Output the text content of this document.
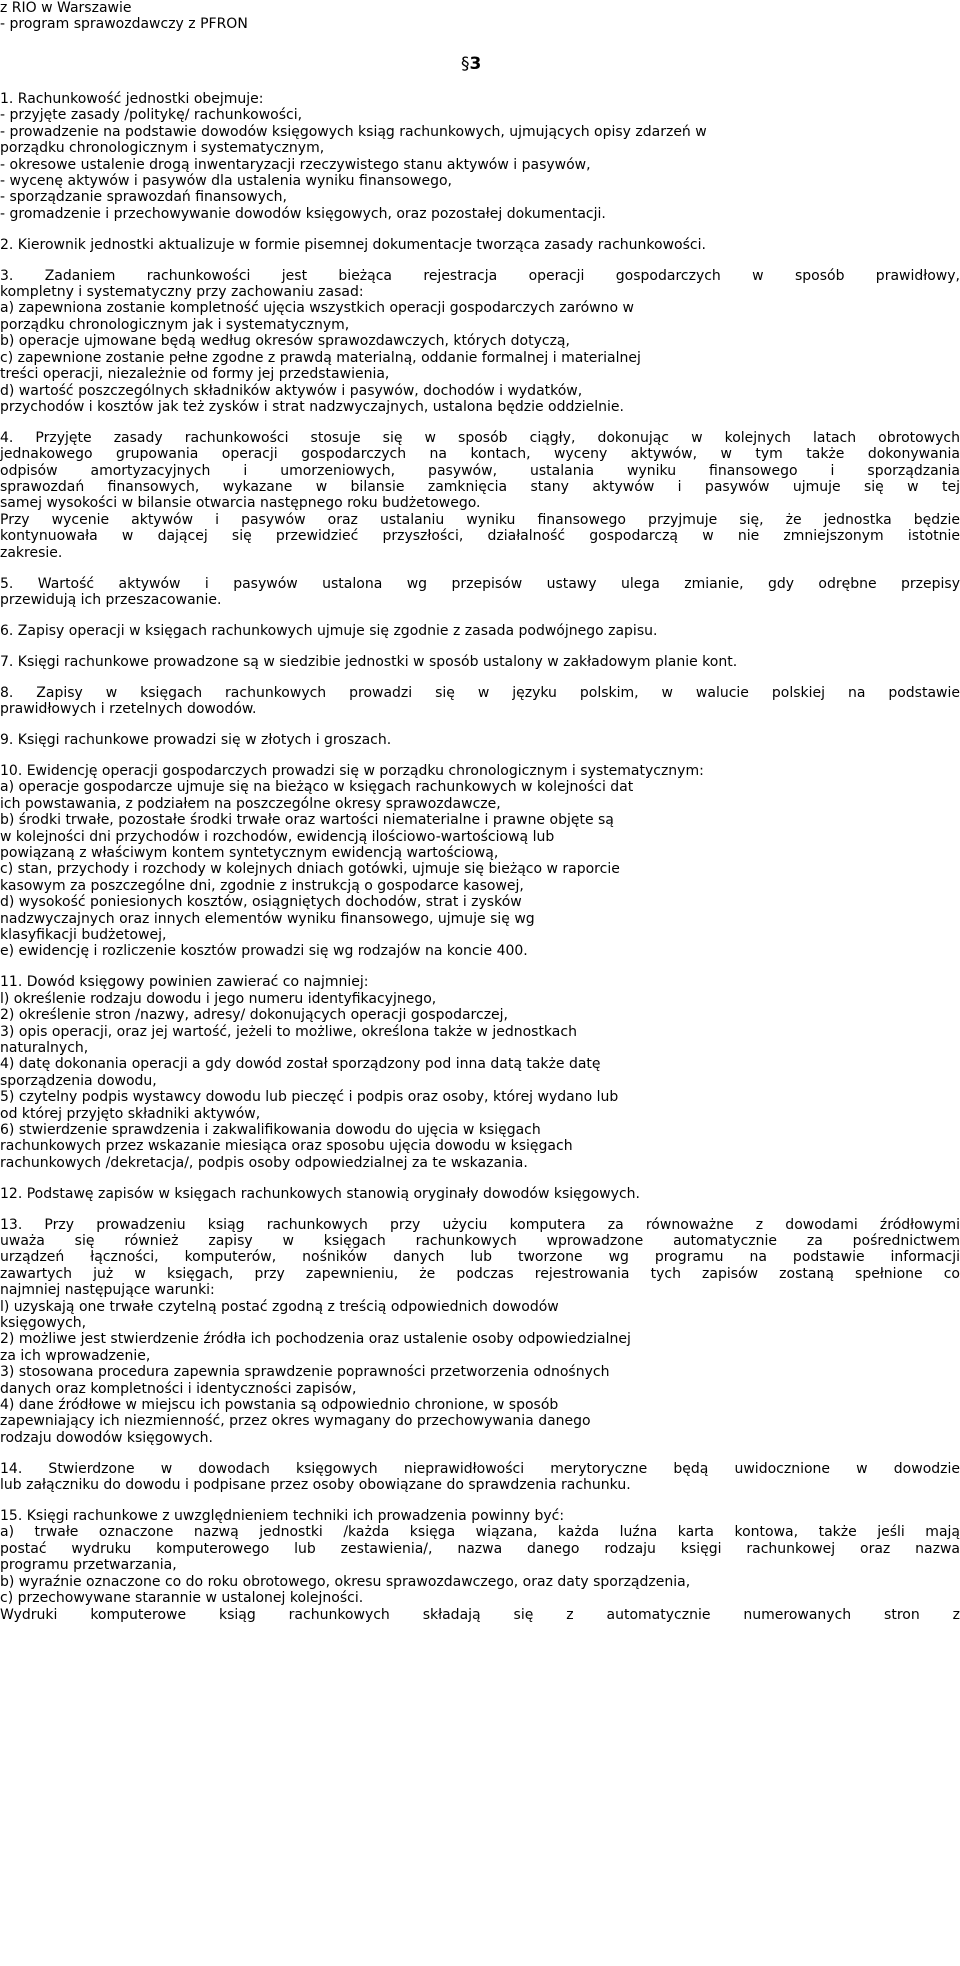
z RIO w Warszawie
- program sprawozdawczy z PFRON
§3
1. Rachunkowość jednostki obejmuje:
- przyjęte zasady /politykę/ rachunkowości,
- prowadzenie na podstawie dowodów księgowych ksiąg rachunkowych, ujmujących opisy zdarzeń w
porządku chronologicznym i systematycznym,
- okresowe ustalenie drogą inwentaryzacji rzeczywistego stanu aktywów i pasywów,
- wycenę aktywów i pasywów dla ustalenia wyniku finansowego,
- sporządzanie sprawozdań finansowych,
- gromadzenie i przechowywanie dowodów księgowych, oraz pozostałej dokumentacji.
2. Kierownik jednostki aktualizuje w formie pisemnej dokumentacje tworząca zasady rachunkowości.
3. Zadaniem rachunkowości jest bieżąca rejestracja operacji gospodarczych w sposób prawidłowy,
kompletny i systematyczny przy zachowaniu zasad:
a) zapewniona zostanie kompletność ujęcia wszystkich operacji gospodarczych zarówno w
porządku chronologicznym jak i systematycznym,
b) operacje ujmowane będą według okresów sprawozdawczych, których dotyczą,
c) zapewnione zostanie pełne zgodne z prawdą materialną, oddanie formalnej i materialnej
treści operacji, niezależnie od formy jej przedstawienia,
d) wartość poszczególnych składników aktywów i pasywów, dochodów i wydatków,
przychodów i kosztów jak też zysków i strat nadzwyczajnych, ustalona będzie oddzielnie.
4. Przyjęte zasady rachunkowości stosuje się w sposób ciągły, dokonując w kolejnych latach obrotowych
jednakowego grupowania operacji gospodarczych na kontach, wyceny aktywów, w tym także dokonywania
odpisów amortyzacyjnych i umorzeniowych, pasywów, ustalania wyniku finansowego i sporządzania
sprawozdań finansowych, wykazane w bilansie zamknięcia stany aktywów i pasywów ujmuje się w tej
samej wysokości w bilansie otwarcia następnego roku budżetowego.
Przy wycenie aktywów i pasywów oraz ustalaniu wyniku finansowego przyjmuje się, że jednostka będzie
kontynuowała w dającej się przewidzieć przyszłości, działalność gospodarczą w nie zmniejszonym istotnie
zakresie.
5. Wartość aktywów i pasywów ustalona wg przepisów ustawy ulega zmianie, gdy odrębne przepisy
przewidują ich przeszacowanie.
6. Zapisy operacji w księgach rachunkowych ujmuje się zgodnie z zasada podwójnego zapisu.
7. Księgi rachunkowe prowadzone są w siedzibie jednostki w sposób ustalony w zakładowym planie kont.
8. Zapisy w księgach rachunkowych prowadzi się w języku polskim, w walucie polskiej na podstawie
prawidłowych i rzetelnych dowodów.
9. Księgi rachunkowe prowadzi się w złotych i groszach.
10. Ewidencję operacji gospodarczych prowadzi się w porządku chronologicznym i systematycznym:
a) operacje gospodarcze ujmuje się na bieżąco w księgach rachunkowych w kolejności dat
ich powstawania, z podziałem na poszczególne okresy sprawozdawcze,
b) środki trwałe, pozostałe środki trwałe oraz wartości niematerialne i prawne objęte są
w kolejności dni przychodów i rozchodów, ewidencją ilościowo-wartościową lub
powiązaną z właściwym kontem syntetycznym ewidencją wartościową,
c) stan, przychody i rozchody w kolejnych dniach gotówki, ujmuje się bieżąco w raporcie
kasowym za poszczególne dni, zgodnie z instrukcją o gospodarce kasowej,
d) wysokość poniesionych kosztów, osiągniętych dochodów, strat i zysków
nadzwyczajnych oraz innych elementów wyniku finansowego, ujmuje się wg
klasyfikacji budżetowej,
e) ewidencję i rozliczenie kosztów prowadzi się wg rodzajów na koncie 400.
11. Dowód księgowy powinien zawierać co najmniej:
l) określenie rodzaju dowodu i jego numeru identyfikacyjnego,
2) określenie stron /nazwy, adresy/ dokonujących operacji gospodarczej,
3) opis operacji, oraz jej wartość, jeżeli to możliwe, określona także w jednostkach
naturalnych,
4) datę dokonania operacji a gdy dowód został sporządzony pod inna datą także datę
sporządzenia dowodu,
5) czytelny podpis wystawcy dowodu lub pieczęć i podpis oraz osoby, której wydano lub
od której przyjęto składniki aktywów,
6) stwierdzenie sprawdzenia i zakwalifikowania dowodu do ujęcia w księgach
rachunkowych przez wskazanie miesiąca oraz sposobu ujęcia dowodu w księgach
rachunkowych /dekretacja/, podpis osoby odpowiedzialnej za te wskazania.
12. Podstawę zapisów w księgach rachunkowych stanowią oryginały dowodów księgowych.
13. Przy prowadzeniu ksiąg rachunkowych przy użyciu komputera za równoważne z dowodami źródłowymi
uważa się również zapisy w księgach rachunkowych wprowadzone automatycznie za pośrednictwem
urządzeń łączności, komputerów, nośników danych lub tworzone wg programu na podstawie informacji
zawartych już w księgach, przy zapewnieniu, że podczas rejestrowania tych zapisów zostaną spełnione co
najmniej następujące warunki:
l) uzyskają one trwałe czytelną postać zgodną z treścią odpowiednich dowodów
księgowych,
2) możliwe jest stwierdzenie źródła ich pochodzenia oraz ustalenie osoby odpowiedzialnej
za ich wprowadzenie,
3) stosowana procedura zapewnia sprawdzenie poprawności przetworzenia odnośnych
danych oraz kompletności i identyczności zapisów,
4) dane źródłowe w miejscu ich powstania są odpowiednio chronione, w sposób
zapewniający ich niezmienność, przez okres wymagany do przechowywania danego
rodzaju dowodów księgowych.
14. Stwierdzone w dowodach księgowych nieprawidłowości merytoryczne będą uwidocznione w dowodzie
lub załączniku do dowodu i podpisane przez osoby obowiązane do sprawdzenia rachunku.
15. Księgi rachunkowe z uwzględnieniem techniki ich prowadzenia powinny być:
a) trwałe oznaczone nazwą jednostki /każda księga wiązana, każda luźna karta kontowa, także jeśli mają
postać wydruku komputerowego lub zestawienia/, nazwa danego rodzaju księgi rachunkowej oraz nazwa
programu przetwarzania,
b) wyraźnie oznaczone co do roku obrotowego, okresu sprawozdawczego, oraz daty sporządzenia,
c) przechowywane starannie w ustalonej kolejności.
Wydruki komputerowe ksiąg rachunkowych składają się z automatycznie numerowanych stron z
